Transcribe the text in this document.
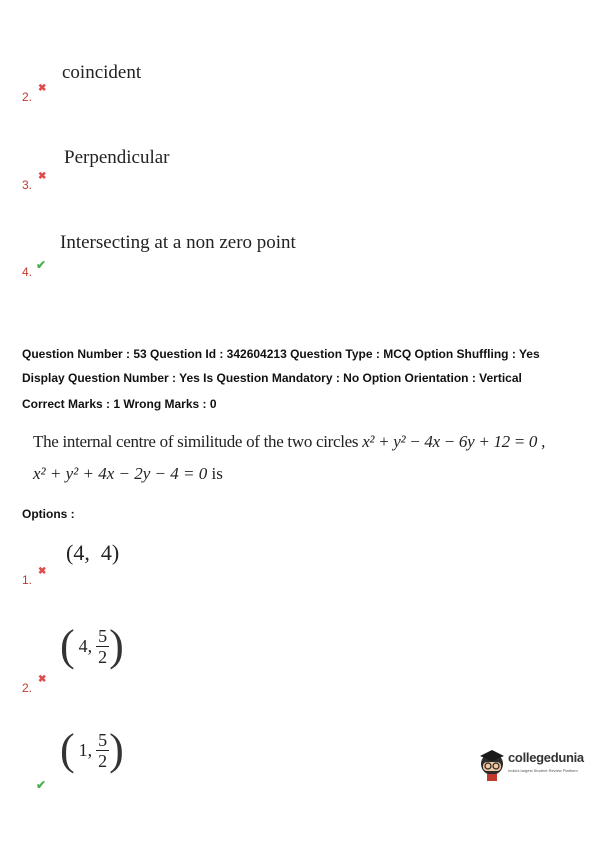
coincident
2.
✖
Perpendicular
3.
✖
Intersecting at a non zero point
4. ✔
Question Number : 53 Question Id : 342604213 Question Type : MCQ Option Shuffling : Yes
Display Question Number : Yes Is Question Mandatory : No Option Orientation : Vertical
Correct Marks : 1 Wrong Marks : 0
The internal centre of similitude of the two circles x² + y² − 4x − 6y + 12 = 0 ,
x² + y² + 4x − 2y − 4 = 0 is
Options :
(4,  4)
1.
✖
( 4, $\frac{5}{2}$ )
2.
✖
( 1, $\frac{5}{2}$ )
✔
collegedunia
India's largest Student Review Platform
